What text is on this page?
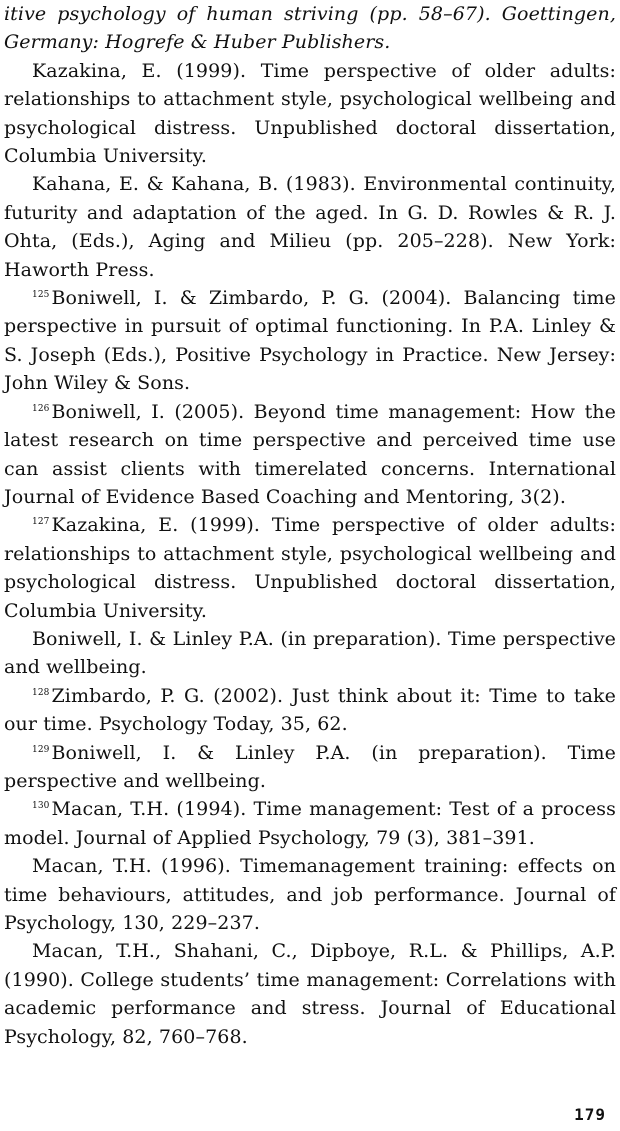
itive psychology of human striving (pp. 58–67). Goettingen, Germany: Hogrefe & Huber Publishers.

Kazakina, E. (1999). Time perspective of older adults: relationships to attachment style, psychological wellbeing and psychological distress. Unpublished doctoral dissertation, Columbia University.

Kahana, E. & Kahana, B. (1983). Environmental continuity, futurity and adaptation of the aged. In G. D. Rowles & R. J. Ohta, (Eds.), Aging and Milieu (pp. 205–228). New York: Haworth Press.

$^{125}$ Boniwell, I. & Zimbardo, P. G. (2004). Balancing time perspective in pursuit of optimal functioning. In P.A. Linley & S. Joseph (Eds.), Positive Psychology in Practice. New Jersey: John Wiley & Sons.

$^{126}$ Boniwell, I. (2005). Beyond time management: How the latest research on time perspective and perceived time use can assist clients with timerelated concerns. International Journal of Evidence Based Coaching and Mentoring, 3(2).

$^{127}$ Kazakina, E. (1999). Time perspective of older adults: relationships to attachment style, psychological wellbeing and psychological distress. Unpublished doctoral dissertation, Columbia University.

Boniwell, I. & Linley P.A. (in preparation). Time perspective and wellbeing.

$^{128}$ Zimbardo, P. G. (2002). Just think about it: Time to take our time. Psychology Today, 35, 62.

$^{129}$ Boniwell, I. & Linley P.A. (in preparation). Time perspective and wellbeing.

$^{130}$ Macan, T.H. (1994). Time management: Test of a process model. Journal of Applied Psychology, 79 (3), 381–391.

Macan, T.H. (1996). Timemanagement training: effects on time behaviours, attitudes, and job performance. Journal of Psychology, 130, 229–237.

Macan, T.H., Shahani, C., Dipboye, R.L. & Phillips, A.P. (1990). College students’ time management: Correlations with academic performance and stress. Journal of Educational Psychology, 82, 760–768.

179
